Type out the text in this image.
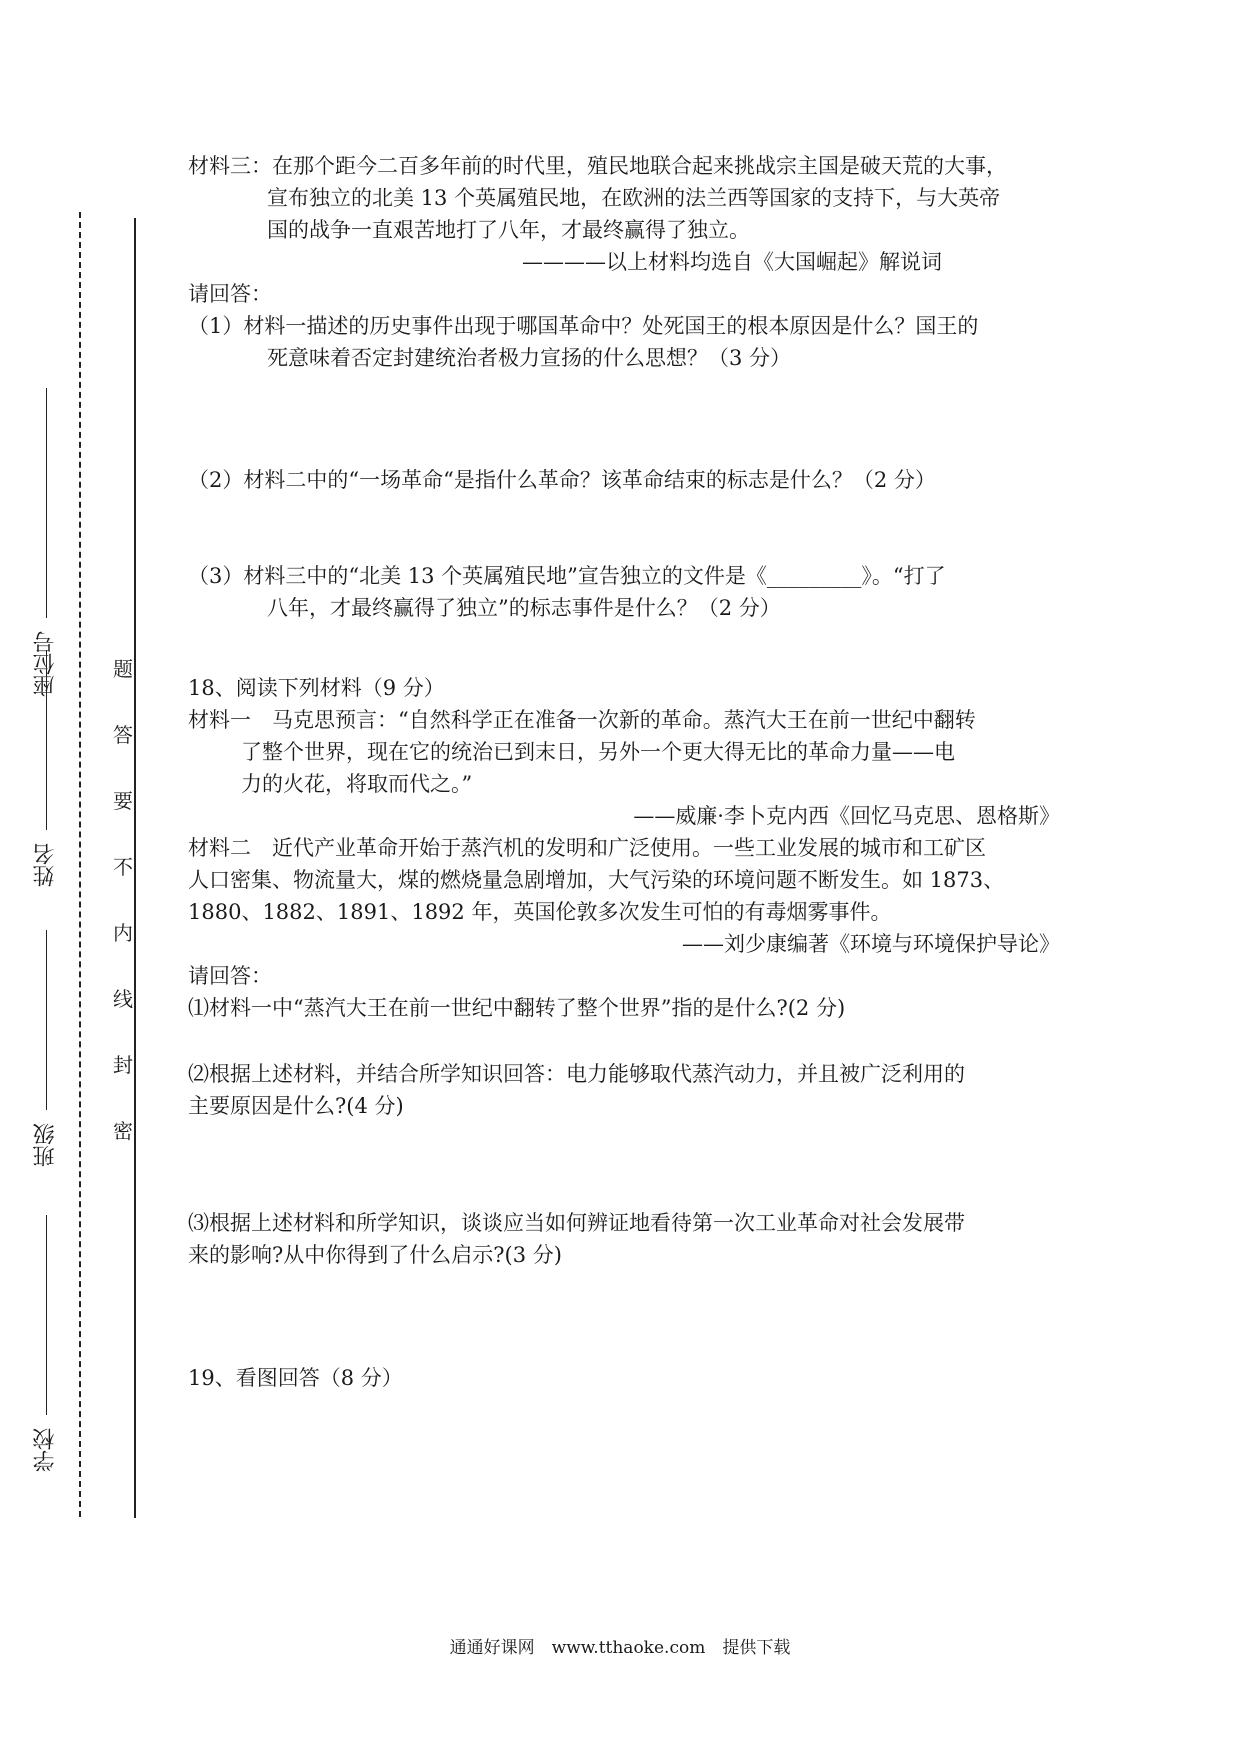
座位号
姓名
班级
学校
题
答
要
不
内
线
封
密

材料三：在那个距今二百多年前的时代里，殖民地联合起来挑战宗主国是破天荒的大事，

宣布独立的北美 13 个英属殖民地，在欧洲的法兰西等国家的支持下，与大英帝

国的战争一直艰苦地打了八年，才最终赢得了独立。

————以上材料均选自《大国崛起》解说词

请回答：

（1）材料一描述的历史事件出现于哪国革命中？处死国王的根本原因是什么？国王的

死意味着否定封建统治者极力宣扬的什么思想？（3 分）

（2）材料二中的“一场革命“是指什么革命？该革命结束的标志是什么？（2 分）

（3）材料三中的“北美 13 个英属殖民地”宣告独立的文件是《_________》。“打了

八年，才最终赢得了独立”的标志事件是什么？（2 分）

18、阅读下列材料（9 分）

材料一　马克思预言：“自然科学正在准备一次新的革命。蒸汽大王在前一世纪中翻转

了整个世界，现在它的统治已到末日，另外一个更大得无比的革命力量——电

力的火花，将取而代之。”

——威廉·李卜克内西《回忆马克思、恩格斯》

材料二　近代产业革命开始于蒸汽机的发明和广泛使用。一些工业发展的城市和工矿区

人口密集、物流量大，煤的燃烧量急剧增加，大气污染的环境问题不断发生。如 1873、

1880、1882、1891、1892 年，英国伦敦多次发生可怕的有毒烟雾事件。

——刘少康编著《环境与环境保护导论》

请回答：

⑴材料一中“蒸汽大王在前一世纪中翻转了整个世界”指的是什么?(2 分)

⑵根据上述材料，并结合所学知识回答：电力能够取代蒸汽动力，并且被广泛利用的

主要原因是什么?(4 分)

⑶根据上述材料和所学知识，谈谈应当如何辨证地看待第一次工业革命对社会发展带

来的影响?从中你得到了什么启示?(3 分)

19、看图回答（8 分）

通通好课网　www.tthaoke.com　提供下载
